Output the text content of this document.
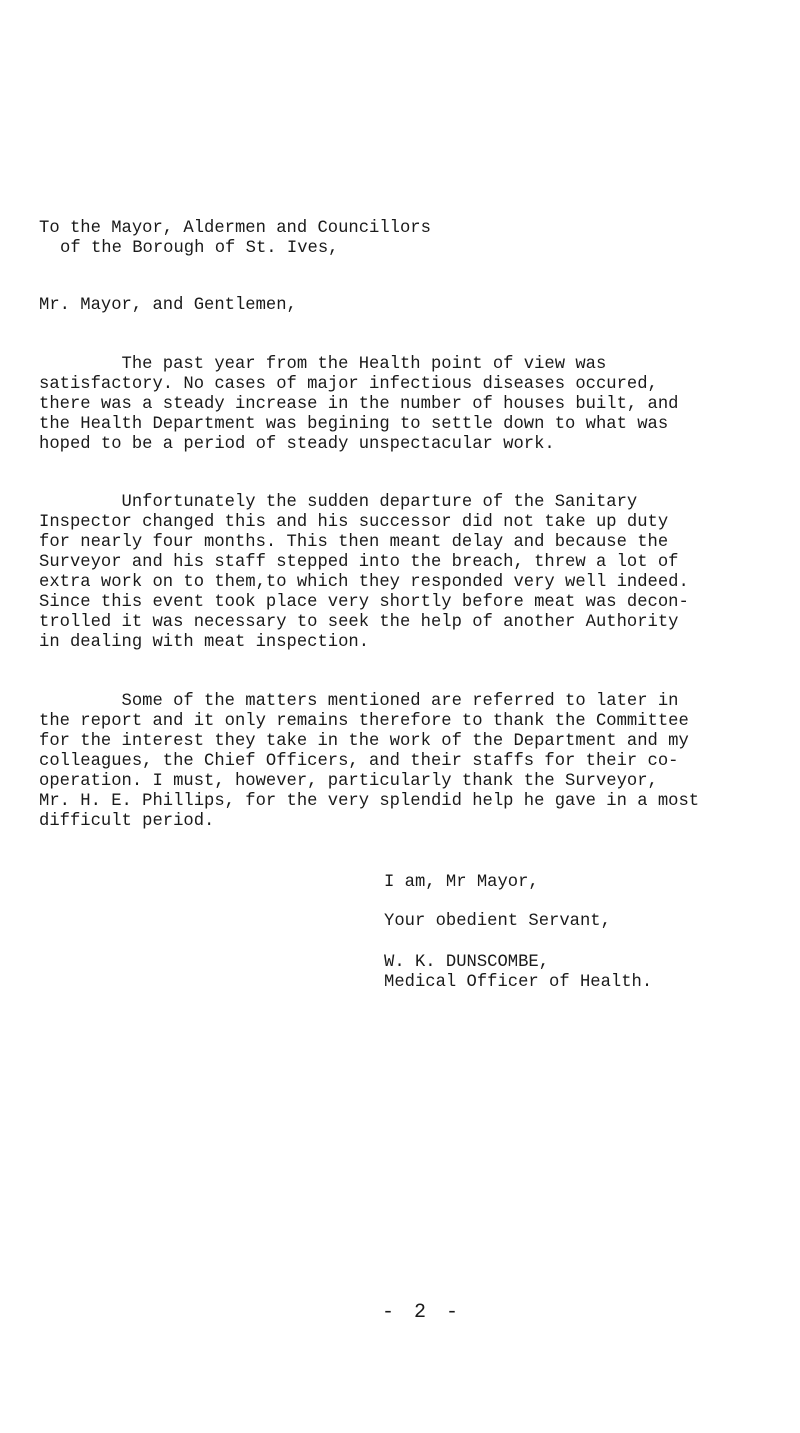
To the Mayor, Aldermen and Councillors
of the Borough of St. Ives,
Mr. Mayor, and Gentlemen,
The past year from the Health point of view was
satisfactory. No cases of major infectious diseases occured,
there was a steady increase in the number of houses built, and
the Health Department was begining to settle down to what was
hoped to be a period of steady unspectacular work.
Unfortunately the sudden departure of the Sanitary
Inspector changed this and his successor did not take up duty
for nearly four months. This then meant delay and because the
Surveyor and his staff stepped into the breach, threw a lot of
extra work on to them,to which they responded very well indeed.
Since this event took place very shortly before meat was decon-
trolled it was necessary to seek the help of another Authority
in dealing with meat inspection.
Some of the matters mentioned are referred to later in
the report and it only remains therefore to thank the Committee
for the interest they take in the work of the Department and my
colleagues, the Chief Officers, and their staffs for their co-
operation. I must, however, particularly thank the Surveyor,
Mr. H. E. Phillips, for the very splendid help he gave in a most
difficult period.
I am, Mr Mayor,
Your obedient Servant,
W. K. DUNSCOMBE,
Medical Officer of Health.
- 2 -
